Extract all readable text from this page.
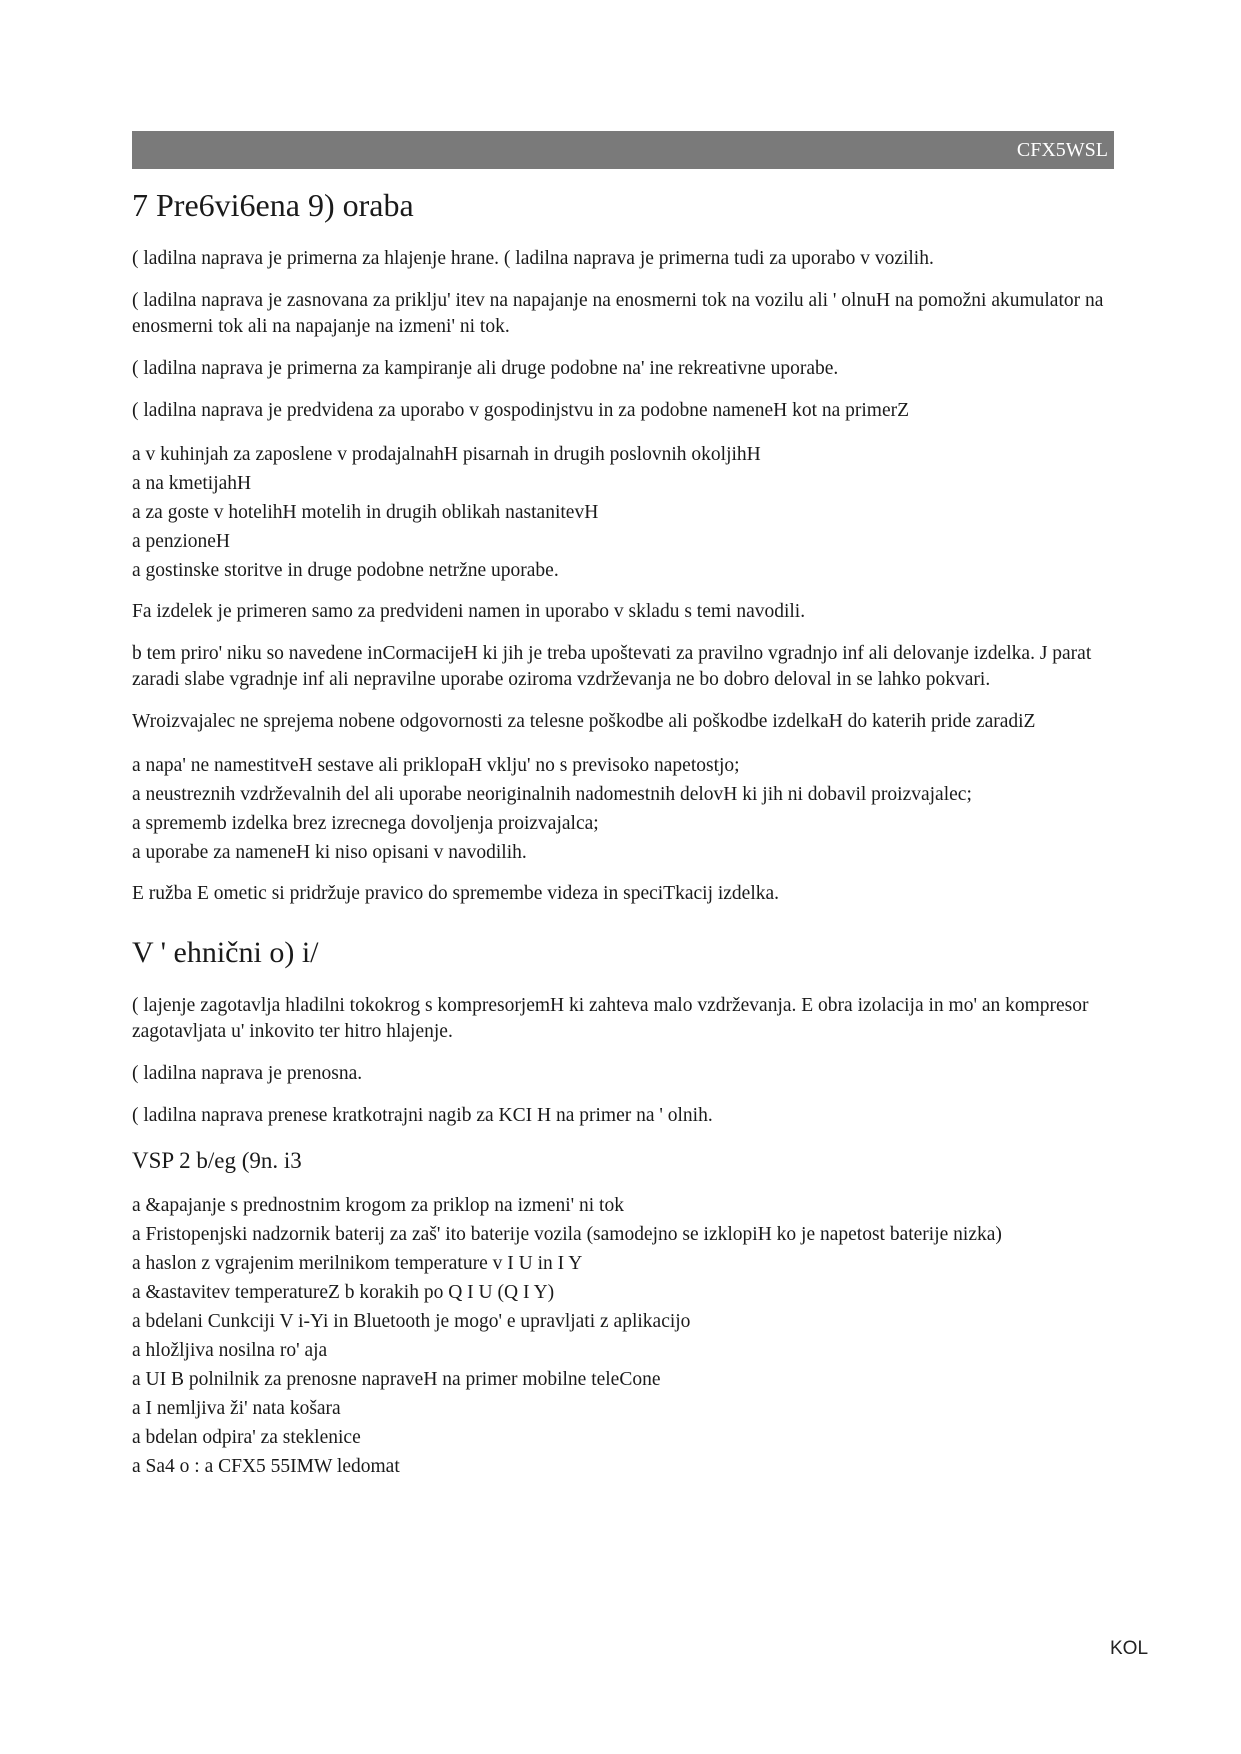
CFX5WSL
7 Pre6vi6ena 9) oraba

( ladilna naprava je primerna za hlajenje hrane. ( ladilna naprava je primerna tudi za uporabo v vozilih.

( ladilna naprava je zasnovana za priklju' itev na napajanje na enosmerni tok na vozilu ali ' olnuH na pomožni akumulator na enosmerni tok ali na napajanje na izmeni' ni tok.

( ladilna naprava je primerna za kampiranje ali druge podobne na' ine rekreativne uporabe.

( ladilna naprava je predvidena za uporabo v gospodinjstvu in za podobne nameneH kot na primerZ

a v kuhinjah za zaposlene v prodajalnahH pisarnah in drugih poslovnih okoljihH
a na kmetijahH
a za goste v hotelihH motelih in drugih oblikah nastanitevH
a penzioneH
a gostinske storitve in druge podobne netržne uporabe.

Fa izdelek je primeren samo za predvideni namen in uporabo v skladu s temi navodili.

b tem priro' niku so navedene inCormacijeH ki jih je treba upoštevati za pravilno vgradnjo inf ali delovanje izdelka. J parat zaradi slabe vgradnje inf ali nepravilne uporabe oziroma vzdrževanja ne bo dobro deloval in se lahko pokvari.

Wroizvajalec ne sprejema nobene odgovornosti za telesne poškodbe ali poškodbe izdelkaH do katerih pride zaradiZ

a napa' ne namestitveH sestave ali priklopaH vklju' no s previsoko napetostjo;
a neustreznih vzdrževalnih del ali uporabe neoriginalnih nadomestnih delovH ki jih ni dobavil proizvajalec;
a sprememb izdelka brez izrecnega dovoljenja proizvajalca;
a uporabe za nameneH ki niso opisani v navodilih.

E ružba E ometic si pridržuje pravico do spremembe videza in speciTkacij izdelka.

V ' ehnični o) i/

( lajenje zagotavlja hladilni tokokrog s kompresorjemH ki zahteva malo vzdrževanja. E obra izolacija in mo' an kompresor zagotavljata u' inkovito ter hitro hlajenje.

( ladilna naprava je prenosna.

( ladilna naprava prenese kratkotrajni nagib za KCI H na primer na ' olnih.

VSP 2 b/eg (9n. i3
a &apajanje s prednostnim krogom za priklop na izmeni' ni tok
a Fristopenjski nadzornik baterij za zaš' ito baterije vozila (samodejno se izklopiH ko je napetost baterije nizka)
a haslon z vgrajenim merilnikom temperature v I U in I Y
a &astavitev temperatureZ b korakih po Q I U (Q I Y)
a bdelani Cunkciji V i-Yi in Bluetooth je mogo' e upravljati z aplikacijo
a hložljiva nosilna ro' aja
a UI B polnilnik za prenosne napraveH na primer mobilne teleCone
a I nemljiva ži' nata košara
a bdelan odpira' za steklenice
a Sa4 o : a CFX5 55IMW ledomat
KOL
